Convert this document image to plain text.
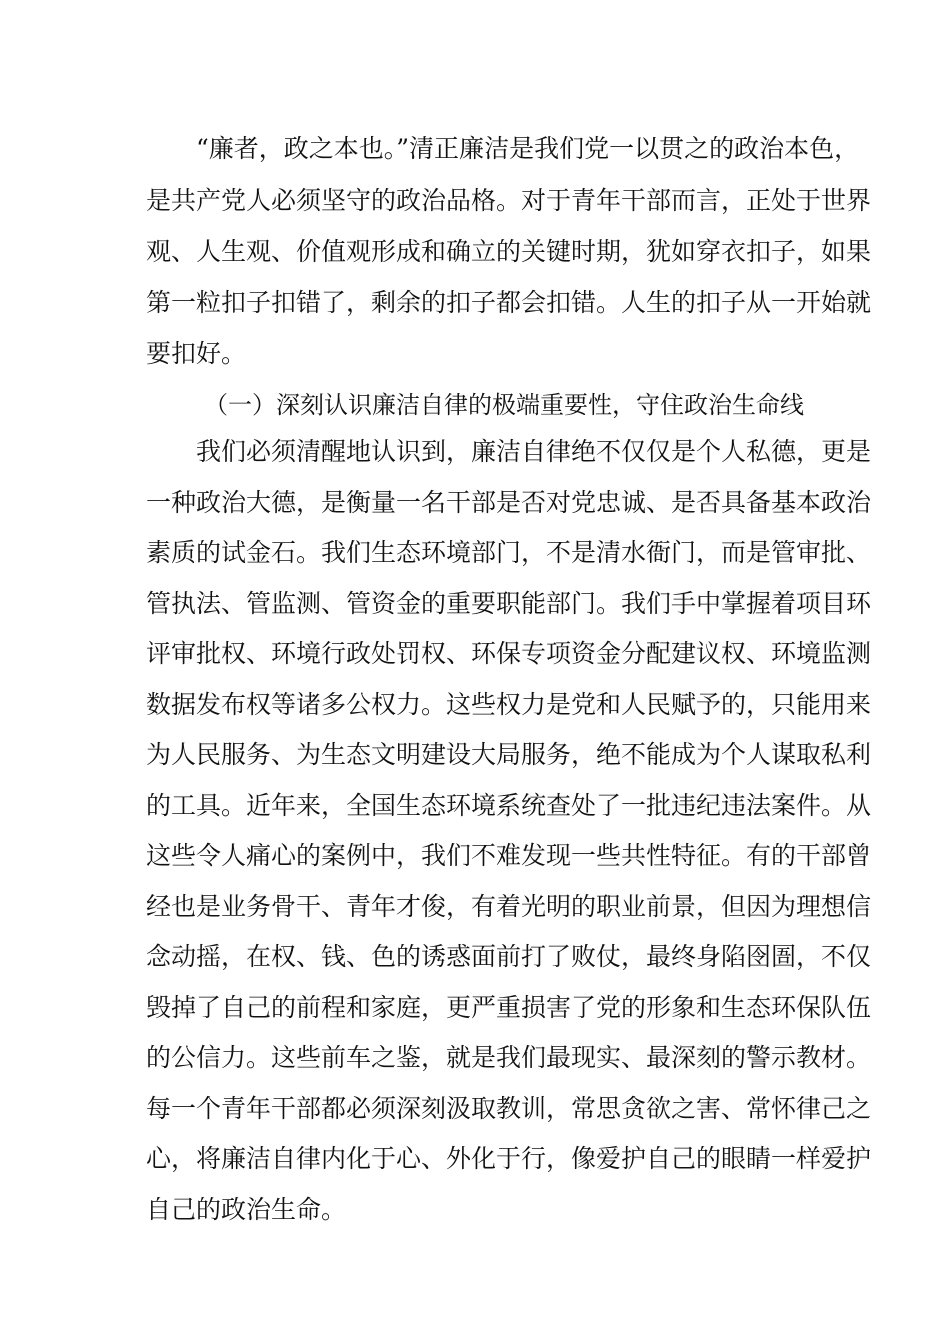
“廉者，政之本也。”清正廉洁是我们党一以贯之的政治本色，
是共产党人必须坚守的政治品格。对于青年干部而言，正处于世界
观、人生观、价值观形成和确立的关键时期，犹如穿衣扣子，如果
第一粒扣子扣错了，剩余的扣子都会扣错。人生的扣子从一开始就
要扣好。
（一）深刻认识廉洁自律的极端重要性，守住政治生命线
我们必须清醒地认识到，廉洁自律绝不仅仅是个人私德，更是
一种政治大德，是衡量一名干部是否对党忠诚、是否具备基本政治
素质的试金石。我们生态环境部门，不是清水衙门，而是管审批、
管执法、管监测、管资金的重要职能部门。我们手中掌握着项目环
评审批权、环境行政处罚权、环保专项资金分配建议权、环境监测
数据发布权等诸多公权力。这些权力是党和人民赋予的，只能用来
为人民服务、为生态文明建设大局服务，绝不能成为个人谋取私利
的工具。近年来，全国生态环境系统查处了一批违纪违法案件。从
这些令人痛心的案例中，我们不难发现一些共性特征。有的干部曾
经也是业务骨干、青年才俊，有着光明的职业前景，但因为理想信
念动摇，在权、钱、色的诱惑面前打了败仗，最终身陷囹圄，不仅
毁掉了自己的前程和家庭，更严重损害了党的形象和生态环保队伍
的公信力。这些前车之鉴，就是我们最现实、最深刻的警示教材。
每一个青年干部都必须深刻汲取教训，常思贪欲之害、常怀律己之
心，将廉洁自律内化于心、外化于行，像爱护自己的眼睛一样爱护
自己的政治生命。
